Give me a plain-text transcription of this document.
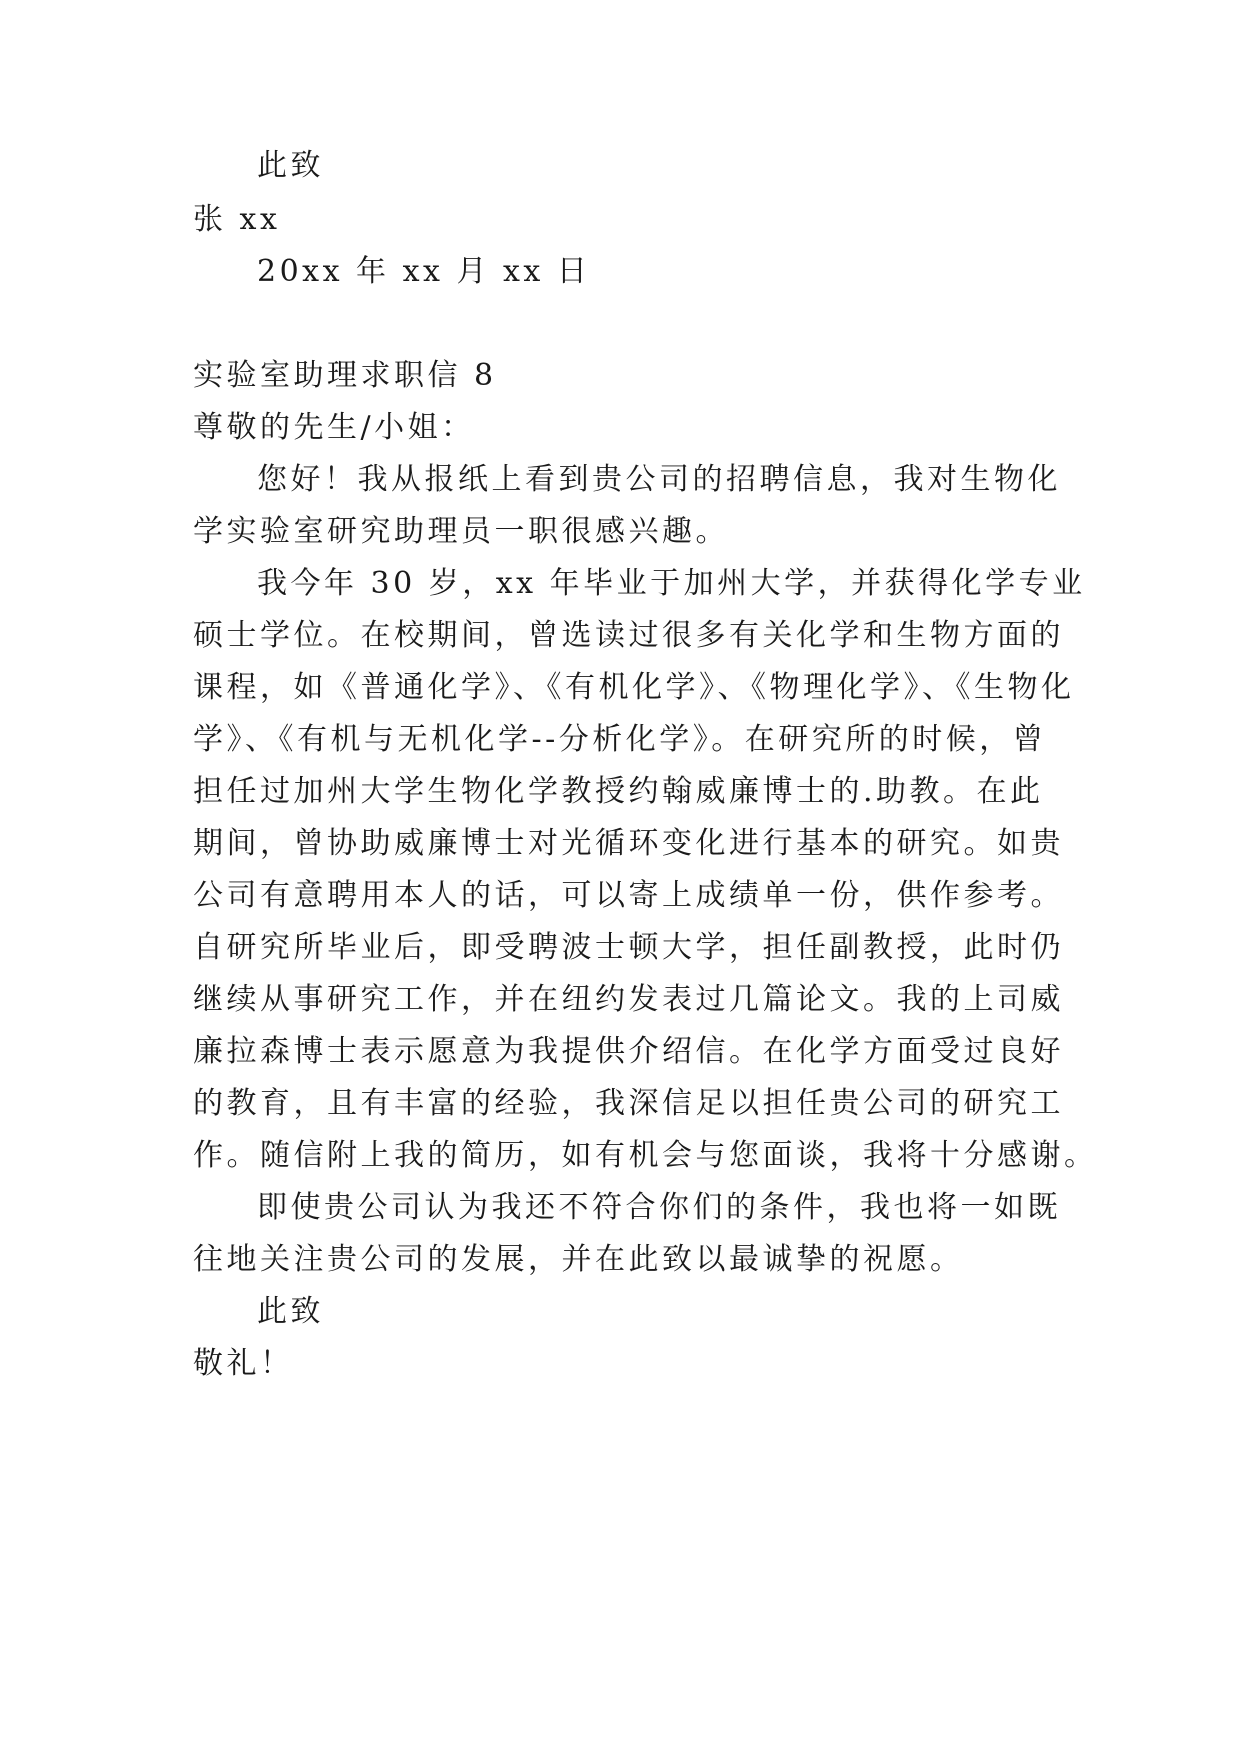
此致
张 xx
20xx 年 xx 月 xx 日
实验室助理求职信 8
尊敬的先生/小姐：
您好！我从报纸上看到贵公司的招聘信息，我对生物化
学实验室研究助理员一职很感兴趣。
我今年 30 岁，xx 年毕业于加州大学，并获得化学专业
硕士学位。在校期间，曾选读过很多有关化学和生物方面的
课程，如《普通化学》、《有机化学》、《物理化学》、《生物化
学》、《有机与无机化学--分析化学》。在研究所的时候，曾
担任过加州大学生物化学教授约翰威廉博士的.助教。在此
期间，曾协助威廉博士对光循环变化进行基本的研究。如贵
公司有意聘用本人的话，可以寄上成绩单一份，供作参考。
自研究所毕业后，即受聘波士顿大学，担任副教授，此时仍
继续从事研究工作，并在纽约发表过几篇论文。我的上司威
廉拉森博士表示愿意为我提供介绍信。在化学方面受过良好
的教育，且有丰富的经验，我深信足以担任贵公司的研究工
作。随信附上我的简历，如有机会与您面谈，我将十分感谢。
即使贵公司认为我还不符合你们的条件，我也将一如既
往地关注贵公司的发展，并在此致以最诚挚的祝愿。
此致
敬礼！
